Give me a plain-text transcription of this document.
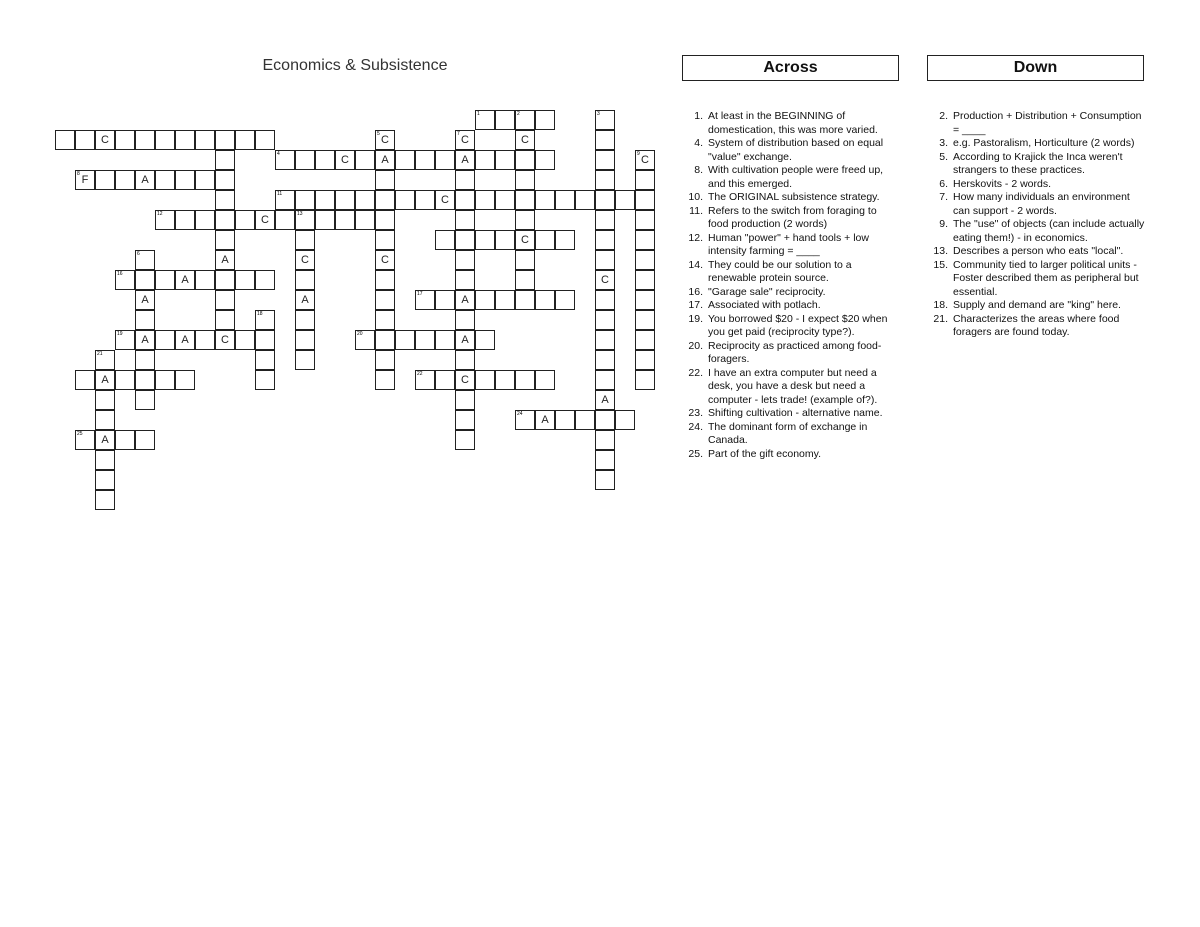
Economics & Subsistence
1	2
C
4	C	A	A
8 F	A
11	C
12	C	13
C
16	A
17	A
19	A	A	C	20	A
A	22	C
24	A
25	A
3
C
A
C
7 C
5 C
C
A
9 C
C
A
6
A
18
21
Across	Down
1. At least in the BEGINNING of domestication, this was more varied.
4. System of distribution based on equal "value" exchange.
8. With cultivation people were freed up, and this emerged.
10. The ORIGINAL subsistence strategy.
11. Refers to the switch from foraging to food production (2 words)
12. Human "power" + hand tools + low intensity farming = ____
14. They could be our solution to a renewable protein source.
16. "Garage sale" reciprocity.
17. Associated with potlach.
19. You borrowed $20 - I expect $20 when you get paid (reciprocity type?).
20. Reciprocity as practiced among food-foragers.
22. I have an extra computer but need a desk, you have a desk but need a computer - lets trade! (example of?).
23. Shifting cultivation - alternative name.
24. The dominant form of exchange in Canada.
25. Part of the gift economy.
2. Production + Distribution + Consumption = ____
3. e.g. Pastoralism, Horticulture (2 words)
5. According to Krajick the Inca weren't strangers to these practices.
6. Herskovits - 2 words.
7. How many individuals an environment can support - 2 words.
9. The "use" of objects (can include actually eating them!) - in economics.
13. Describes a person who eats "local".
15. Community tied to larger political units - Foster described them as peripheral but essential.
18. Supply and demand are "king" here.
21. Characterizes the areas where food foragers are found today.
